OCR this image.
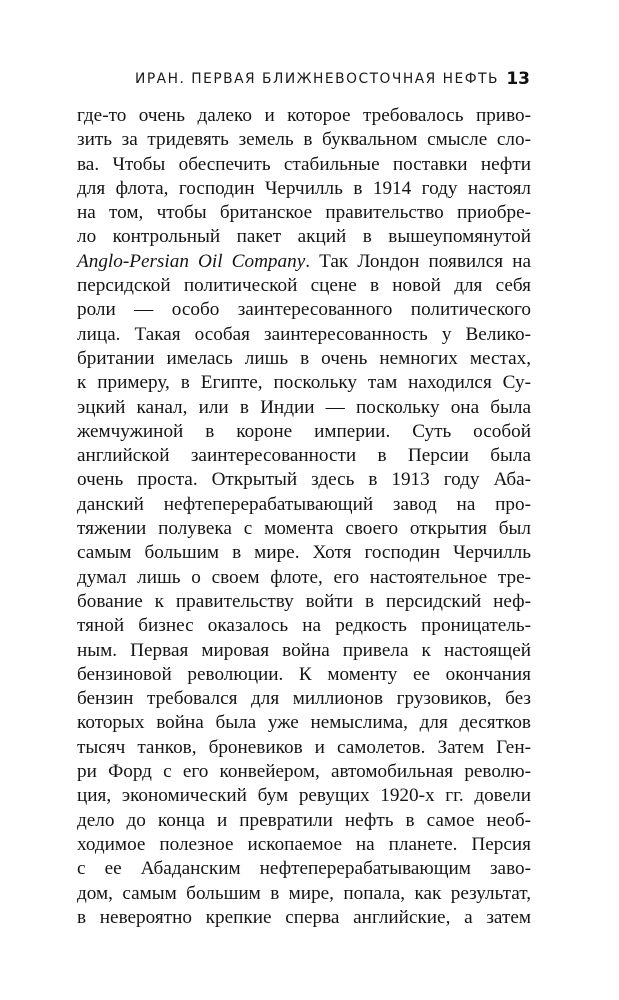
ИРАН. ПЕРВАЯ БЛИЖНЕВОСТОЧНАЯ НЕФТЬ 13
где-то очень далеко и которое требовалось приво-
зить за тридевять земель в буквальном смысле сло-
ва. Чтобы обеспечить стабильные поставки нефти
для флота, господин Черчилль в 1914 году настоял
на том, чтобы британское правительство приобре-
ло контрольный пакет акций в вышеупомянутой
Anglo-Persian Oil Company. Так Лондон появился на
персидской политической сцене в новой для себя
роли — особо заинтересованного политического
лица. Такая особая заинтересованность у Велико-
британии имелась лишь в очень немногих местах,
к примеру, в Египте, поскольку там находился Су-
эцкий канал, или в Индии — поскольку она была
жемчужиной в короне империи. Суть особой
английской заинтересованности в Персии была
очень проста. Открытый здесь в 1913 году Аба-
данский нефтеперерабатывающий завод на про-
тяжении полувека с момента своего открытия был
самым большим в мире. Хотя господин Черчилль
думал лишь о своем флоте, его настоятельное тре-
бование к правительству войти в персидский неф-
тяной бизнес оказалось на редкость проницатель-
ным. Первая мировая война привела к настоящей
бензиновой революции. К моменту ее окончания
бензин требовался для миллионов грузовиков, без
которых война была уже немыслима, для десятков
тысяч танков, броневиков и самолетов. Затем Ген-
ри Форд с его конвейером, автомобильная револю-
ция, экономический бум ревущих 1920-х гг. довели
дело до конца и превратили нефть в самое необ-
ходимое полезное ископаемое на планете. Персия
с ее Абаданским нефтеперерабатывающим заво-
дом, самым большим в мире, попала, как результат,
в невероятно крепкие сперва английские, а затем
